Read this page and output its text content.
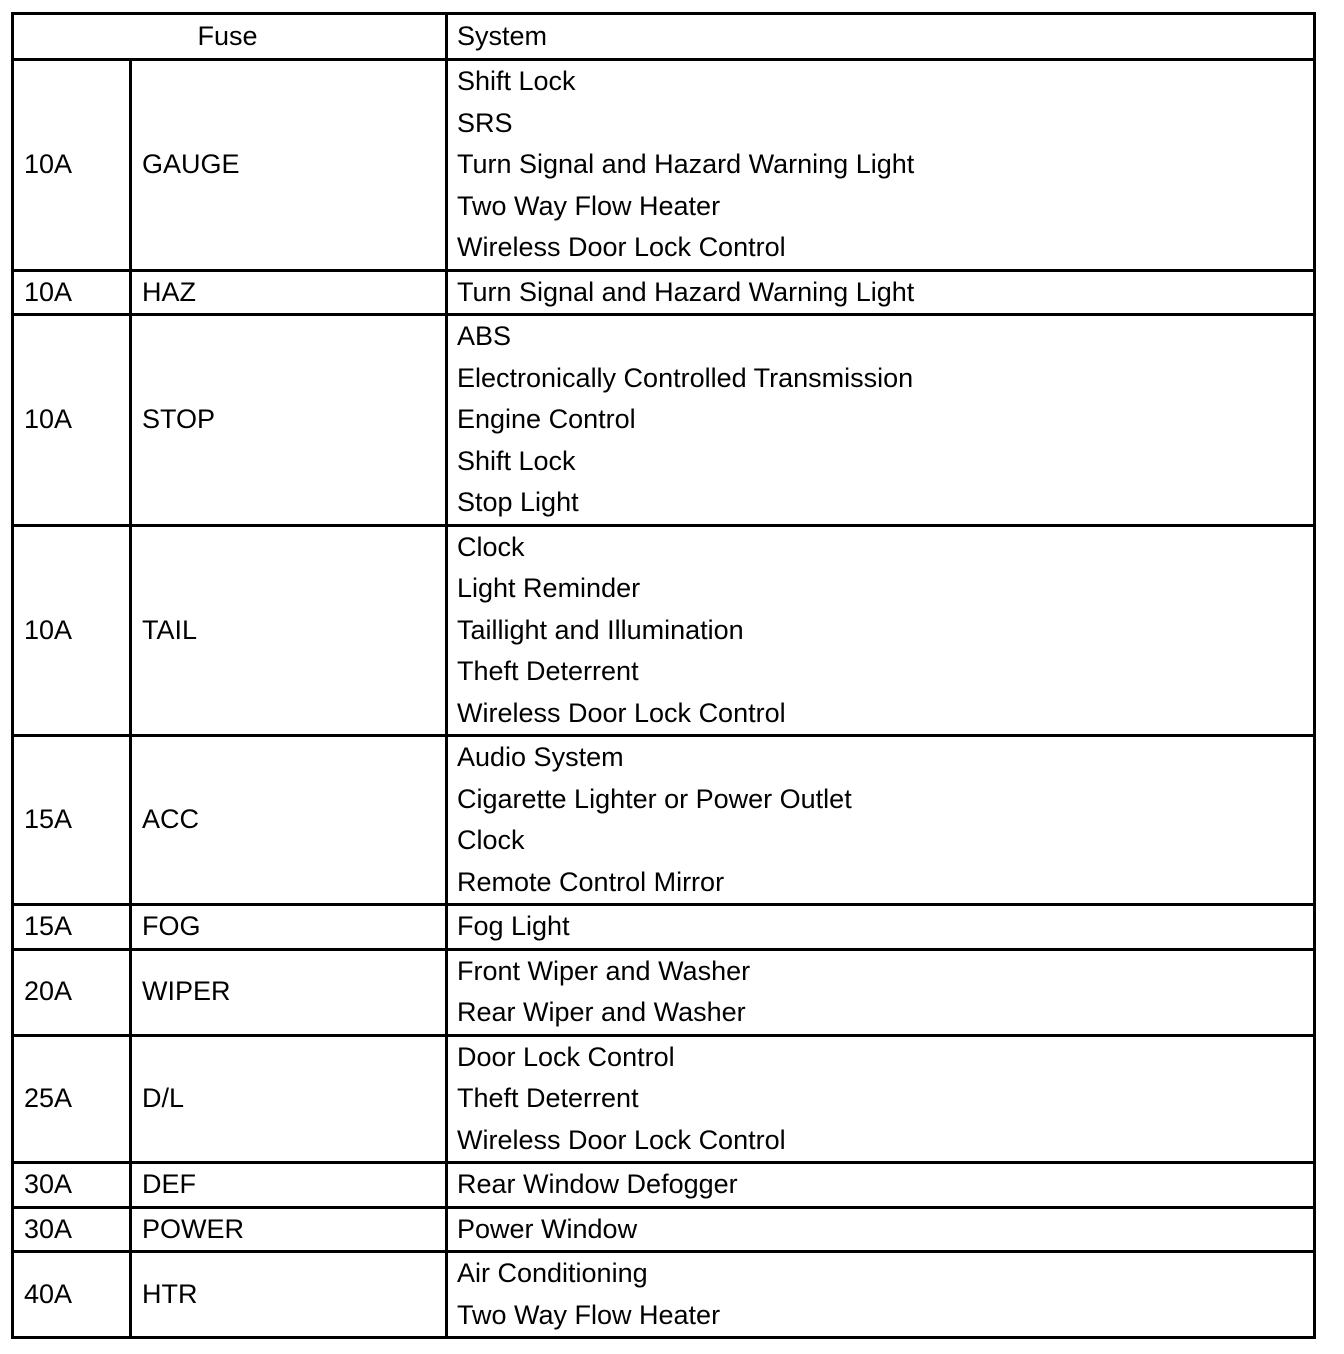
Fuse		System
10A	GAUGE	Shift Lock
SRS
Turn Signal and Hazard Warning Light
Two Way Flow Heater
Wireless Door Lock Control

10A	HAZ	Turn Signal and Hazard Warning Light

10A	STOP	ABS
Electronically Controlled Transmission
Engine Control
Shift Lock
Stop Light

10A	TAIL	Clock
Light Reminder
Taillight and Illumination
Theft Deterrent
Wireless Door Lock Control

15A	ACC	Audio System
Cigarette Lighter or Power Outlet
Clock
Remote Control Mirror

15A	FOG	Fog Light

20A	WIPER	Front Wiper and Washer
Rear Wiper and Washer

25A	D/L	Door Lock Control
Theft Deterrent
Wireless Door Lock Control

30A	DEF	Rear Window Defogger

30A	POWER	Power Window

40A	HTR	Air Conditioning
Two Way Flow Heater
